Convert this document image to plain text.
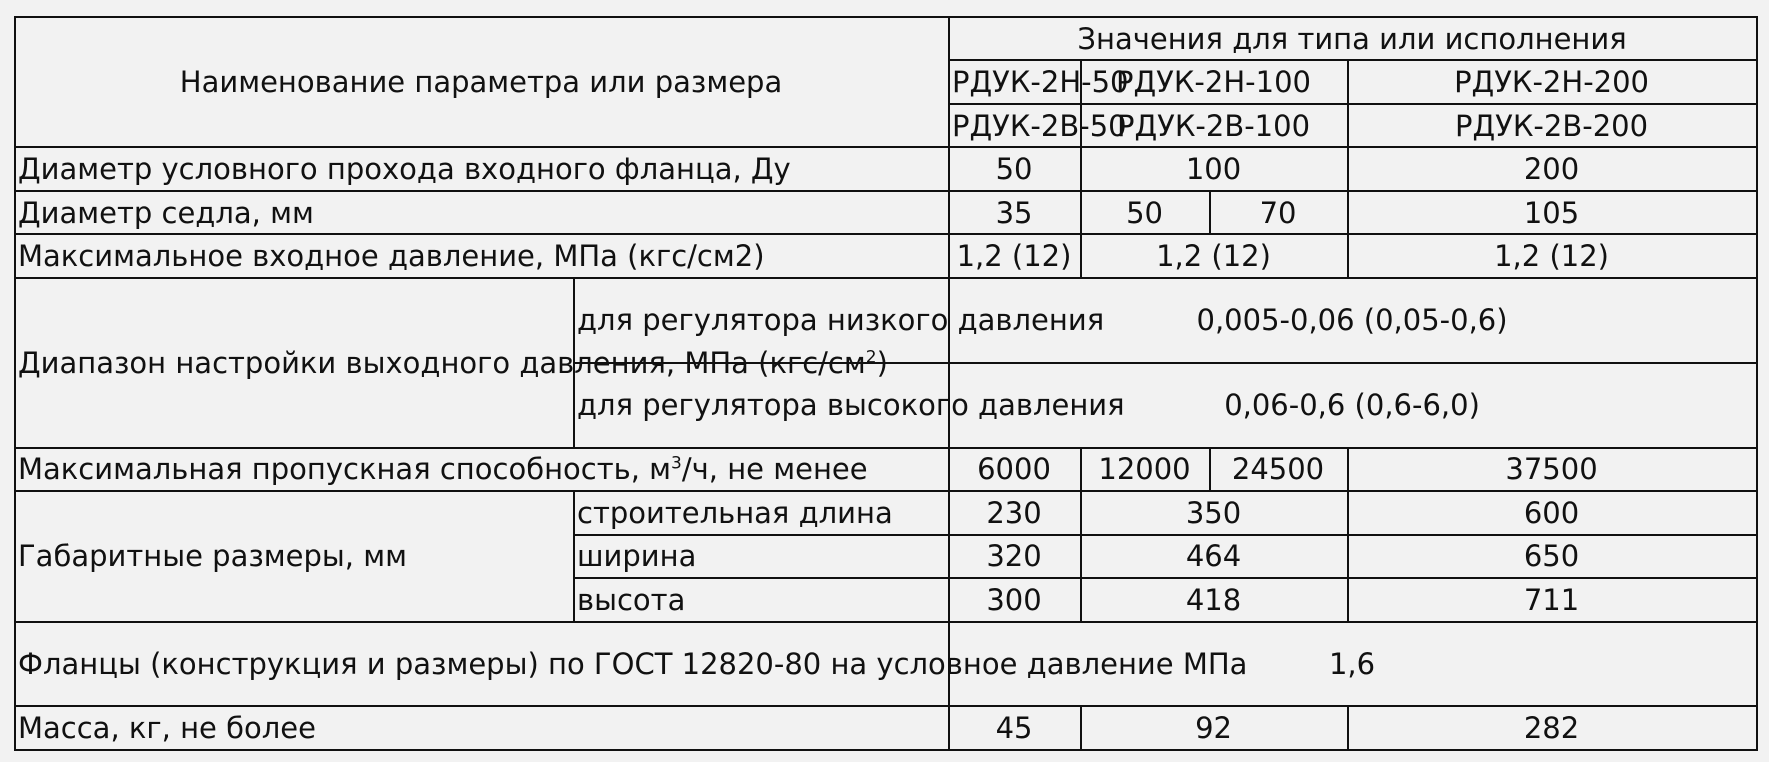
Наименование параметра или размера		Значения для типа или исполнения				
		РДУК-2Н-50	РДУК-2Н-100		РДУК-2Н-200	
		РДУК-2В-50	РДУК-2В-100		РДУК-2В-200	
Диаметр условного прохода входного фланца, Ду		50	100		200	
Диаметр седла, мм		35	50	70	105	
Максимальное входное давление, МПа (кгс/см2)		1,2 (12)	1,2 (12)		1,2 (12)	
Диапазон настройки выходного давления, МПа $(кгс/см^2)$	для регулятора низкого давления	0,005-0,06 (0,05-0,6)				
	для регулятора высокого давления	0,06-0,6 (0,6-6,0)				
Максимальная пропускная способность, $м^3/ч$, не менее		6000	12000	24500	37500	
Габаритные размеры, мм	строительная длина	230	350		600	
	ширина	320	464		650	
	высота	300	418		711	
Фланцы (конструкция и размеры) по ГОСТ 12820-80 на условное давление МПа		1,6				
Масса, кг, не более		45	92		282	
